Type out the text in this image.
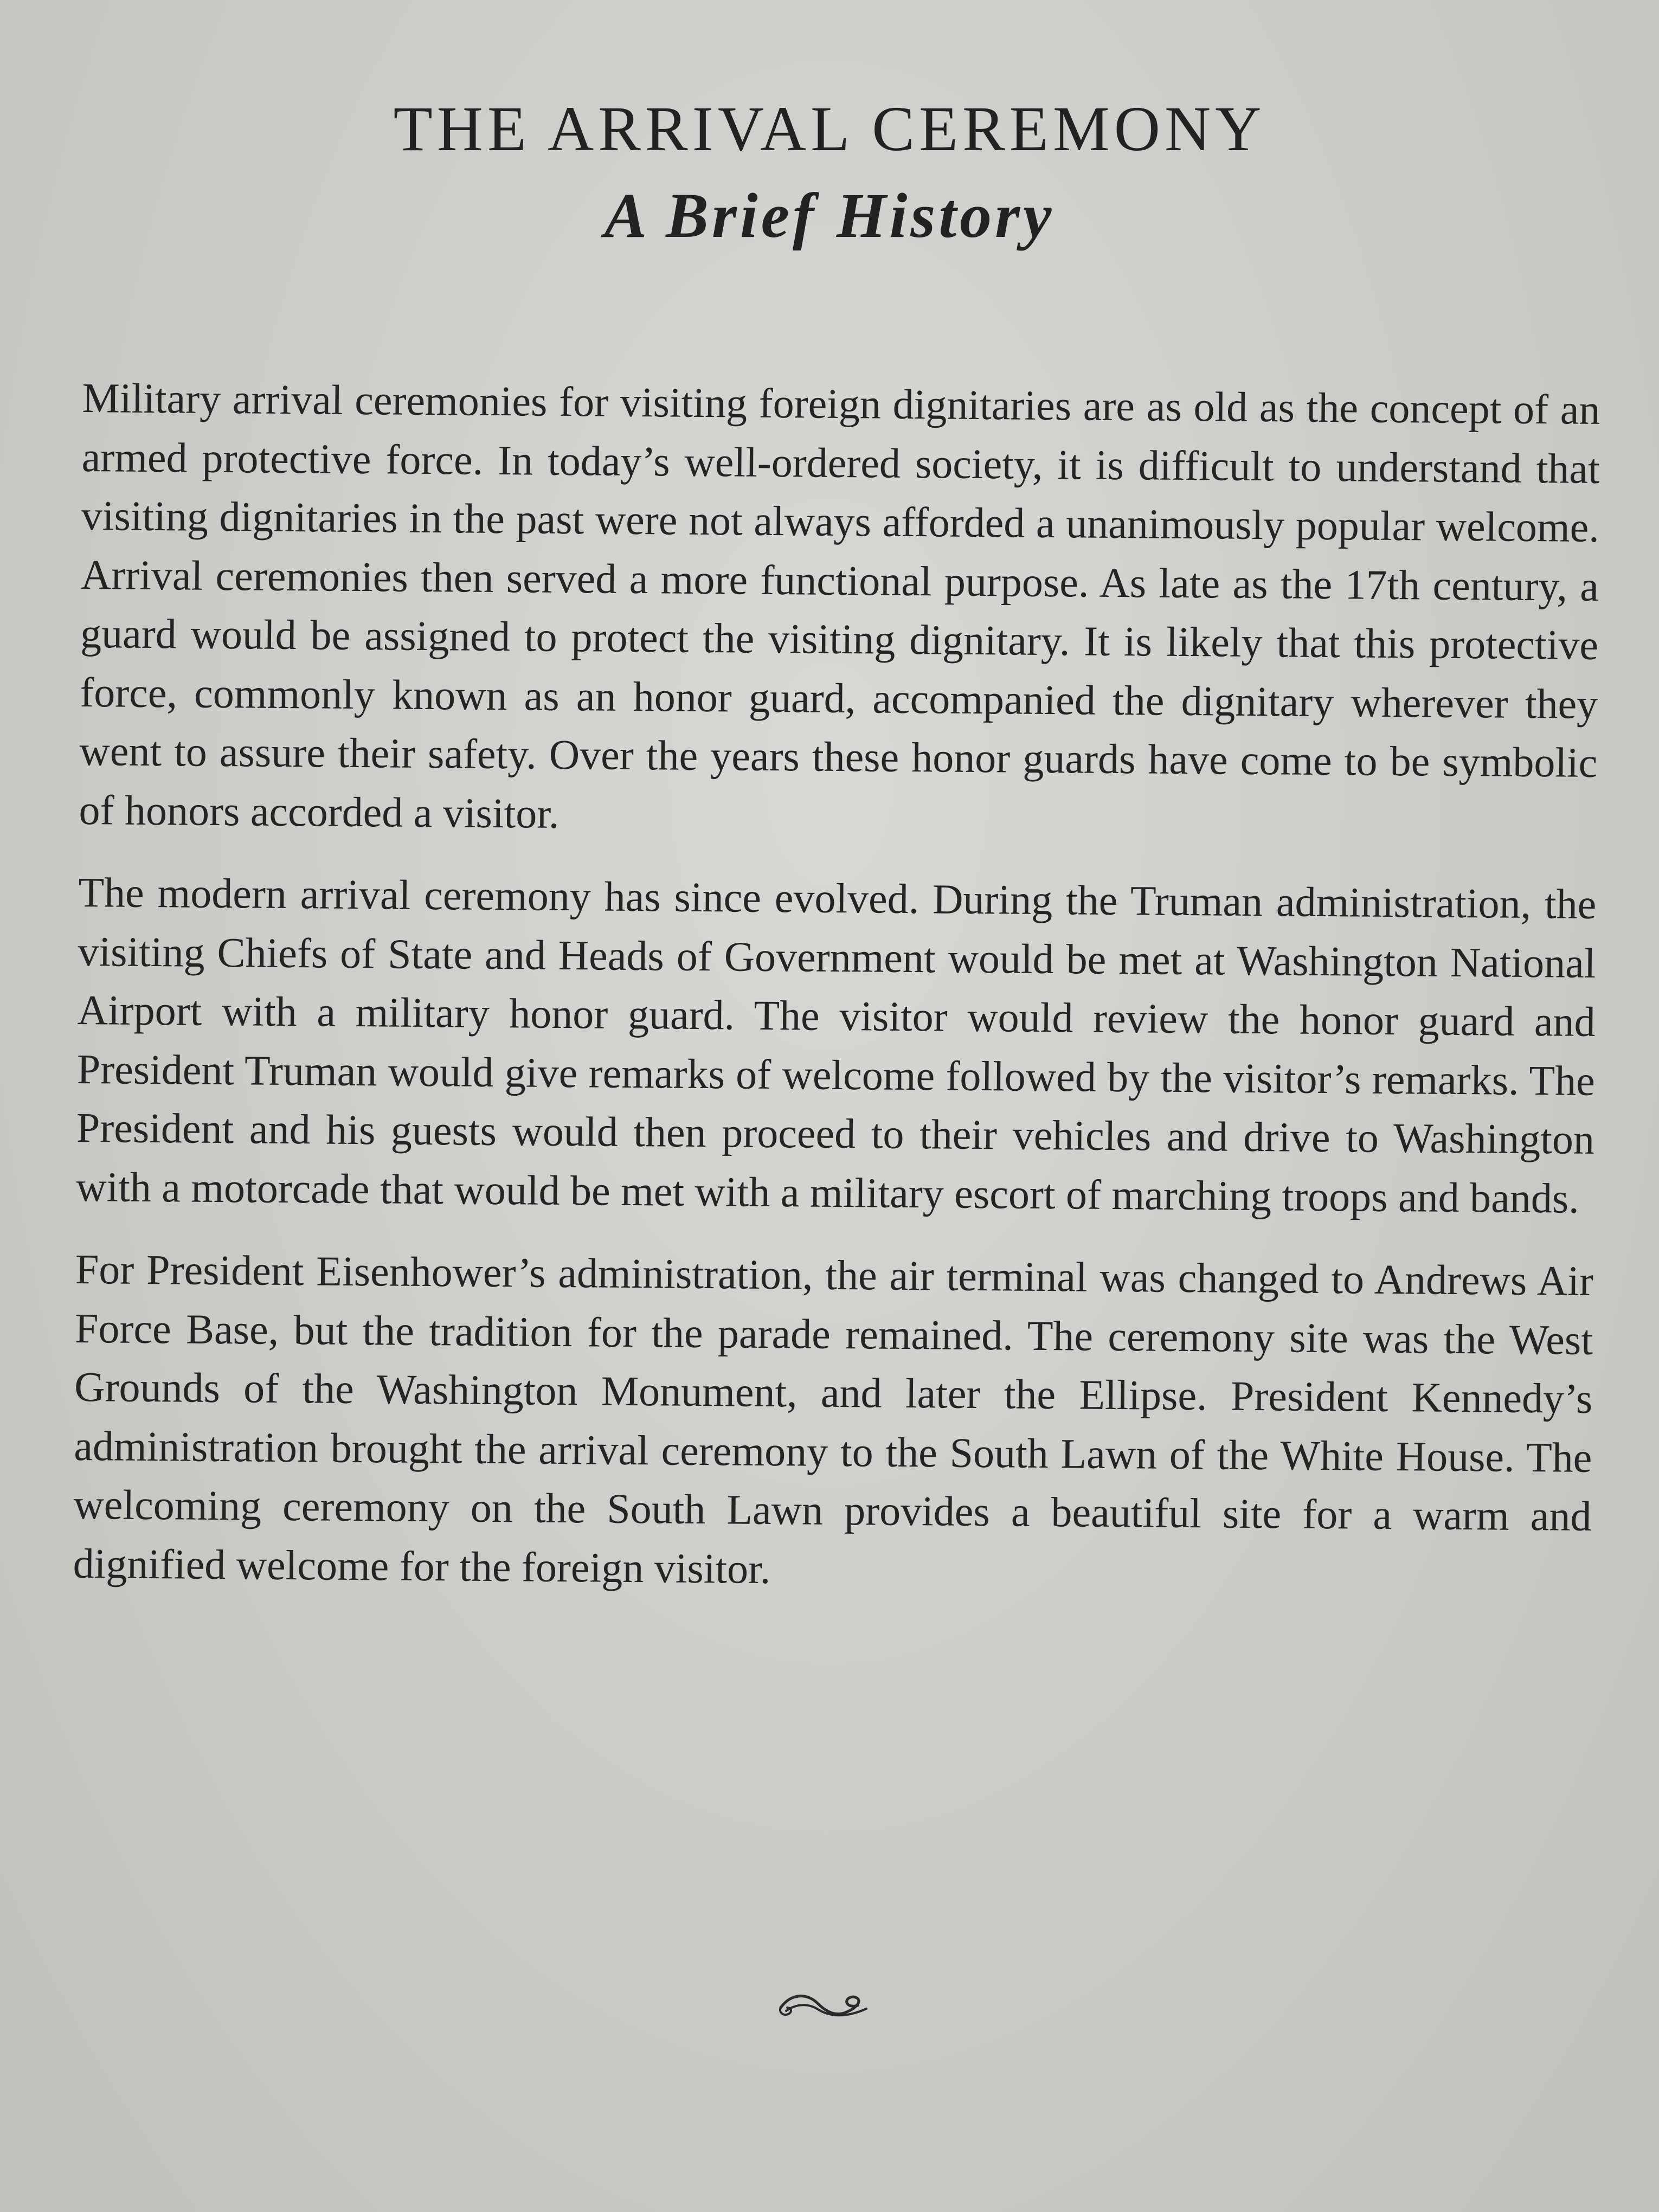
THE ARRIVAL CEREMONY
A Brief History

Military arrival ceremonies for visiting foreign dignitaries are as old as the concept of an armed protective force. In today’s well-ordered society, it is difficult to understand that visiting dignitaries in the past were not always afforded a unanimously popular welcome. Arrival ceremonies then served a more functional purpose. As late as the 17th century, a guard would be assigned to protect the visiting dignitary. It is likely that this protective force, commonly known as an honor guard, accompanied the dignitary wherever they went to assure their safety. Over the years these honor guards have come to be symbolic of honors accorded a visitor.

The modern arrival ceremony has since evolved. During the Truman administration, the visiting Chiefs of State and Heads of Government would be met at Washington National Airport with a military honor guard. The visitor would review the honor guard and President Truman would give remarks of welcome followed by the visitor’s remarks. The President and his guests would then proceed to their vehicles and drive to Washington with a motorcade that would be met with a military escort of marching troops and bands.

For President Eisenhower’s administration, the air terminal was changed to Andrews Air Force Base, but the tradition for the parade remained. The ceremony site was the West Grounds of the Washington Monument, and later the Ellipse. President Kennedy’s administration brought the arrival ceremony to the South Lawn of the White House. The welcoming ceremony on the South Lawn provides a beautiful site for a warm and dignified welcome for the foreign visitor.
